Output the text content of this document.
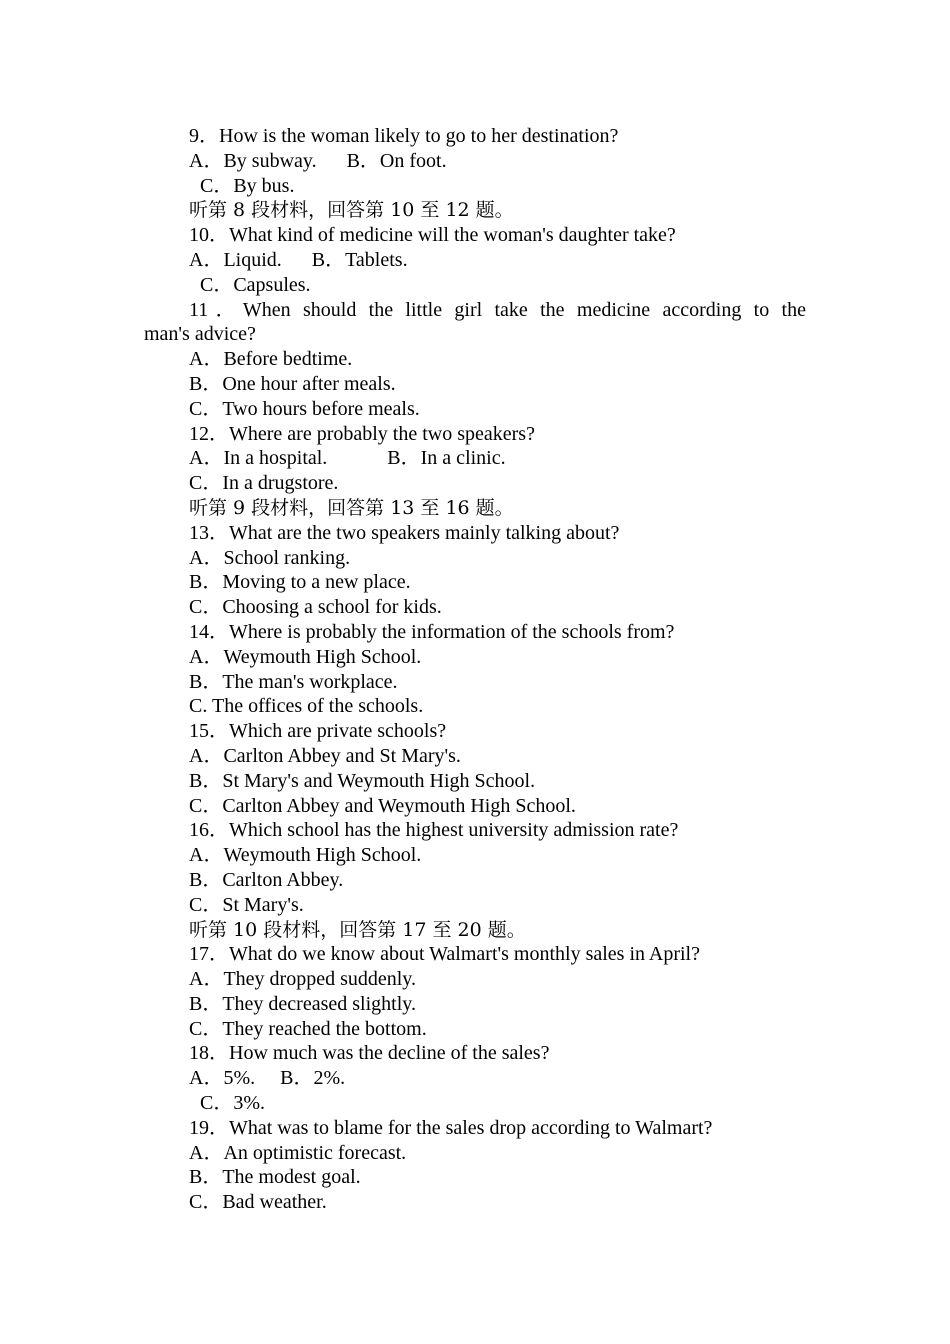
9．How is the woman likely to go to her destination?
A．By subway.      B．On foot.
C．By bus.
听第 8 段材料，回答第 10 至 12 题。
10．What kind of medicine will the woman's daughter take?
A．Liquid.      B．Tablets.
C．Capsules.
11．When should the little girl take the medicine according to the
man's advice?
A．Before bedtime.
B．One hour after meals.
C．Two hours before meals.
12．Where are probably the two speakers?
A．In a hospital.            B．In a clinic.
C．In a drugstore.
听第 9 段材料，回答第 13 至 16 题。
13．What are the two speakers mainly talking about?
A．School ranking.
B．Moving to a new place.
C．Choosing a school for kids.
14．Where is probably the information of the schools from?
A．Weymouth High School.
B．The man's workplace.
C. The offices of the schools.
15．Which are private schools?
A．Carlton Abbey and St Mary's.
B．St Mary's and Weymouth High School.
C．Carlton Abbey and Weymouth High School.
16．Which school has the highest university admission rate?
A．Weymouth High School.
B．Carlton Abbey.
C．St Mary's.
听第 10 段材料，回答第 17 至 20 题。
17．What do we know about Walmart's monthly sales in April?
A．They dropped suddenly.
B．They decreased slightly.
C．They reached the bottom.
18．How much was the decline of the sales?
A．5%.     B．2%.
C．3%.
19．What was to blame for the sales drop according to Walmart?
A．An optimistic forecast.
B．The modest goal.
C．Bad weather.
